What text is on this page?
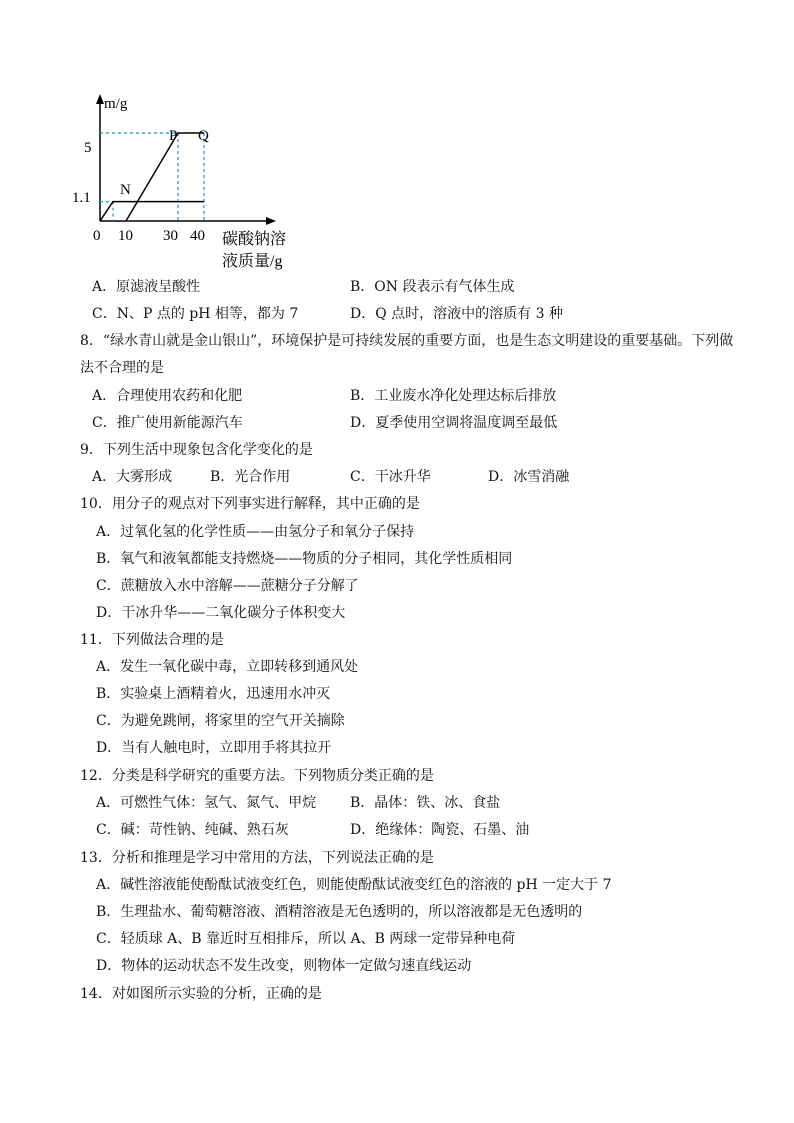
m/g
5
1.1
0 10 30 40
N
P Q
碳酸钠溶
液质量/g
A．原滤液呈酸性	B．ON 段表示有气体生成
C．N、P 点的 pH 相等，都为 7	D．Q 点时，溶液中的溶质有 3 种
8．“绿水青山就是金山银山”，环境保护是可持续发展的重要方面，也是生态文明建设的重要基础。下列做
法不合理的是
A．合理使用农药和化肥	B．工业废水净化处理达标后排放
C．推广使用新能源汽车	D．夏季使用空调将温度调至最低
9．下列生活中现象包含化学变化的是
A．大雾形成	B．光合作用	C．干冰升华	D．冰雪消融
10．用分子的观点对下列事实进行解释，其中正确的是
A．过氧化氢的化学性质——由氢分子和氧分子保持
B．氧气和液氧都能支持燃烧——物质的分子相同，其化学性质相同
C．蔗糖放入水中溶解——蔗糖分子分解了
D．干冰升华——二氧化碳分子体积变大
11．下列做法合理的是
A．发生一氧化碳中毒，立即转移到通风处
B．实验桌上酒精着火，迅速用水冲灭
C．为避免跳闸，将家里的空气开关摘除
D．当有人触电时，立即用手将其拉开
12．分类是科学研究的重要方法。下列物质分类正确的是
A．可燃性气体：氢气、氮气、甲烷 B．晶体：铁、冰、食盐
C．碱：苛性钠、纯碱、熟石灰	D．绝缘体：陶瓷、石墨、油
13．分析和推理是学习中常用的方法，下列说法正确的是
A．碱性溶液能使酚酞试液变红色，则能使酚酞试液变红色的溶液的 pH 一定大于 7
B．生理盐水、葡萄糖溶液、酒精溶液是无色透明的，所以溶液都是无色透明的
C．轻质球 A、B 靠近时互相排斥，所以 A、B 两球一定带异种电荷
D．物体的运动状态不发生改变，则物体一定做匀速直线运动
14．对如图所示实验的分析，正确的是
